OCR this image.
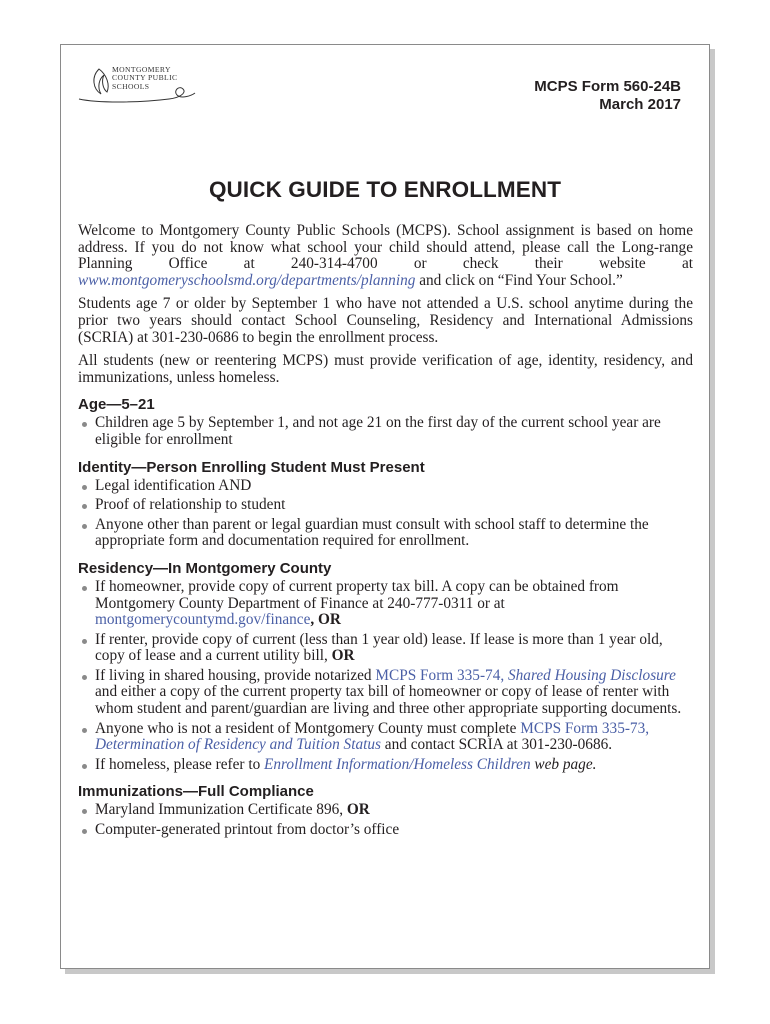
MONTGOMERY
COUNTY PUBLIC
SCHOOLS	MCPS Form 560-24B
March 2017
QUICK GUIDE TO ENROLLMENT

Welcome to Montgomery County Public Schools (MCPS). School assignment is based on home address. If you do not know what school your child should attend, please call the Long-range Planning Office at 240-314-4700 or check their website at www.montgomeryschoolsmd.org/departments/planning and click on “Find Your School.”

Students age 7 or older by September 1 who have not attended a U.S. school anytime during the prior two years should contact School Counseling, Residency and International Admissions (SCRIA) at 301-230-0686 to begin the enrollment process.

All students (new or reentering MCPS) must provide verification of age, identity, residency, and immunizations, unless homeless.

Age—5–21
Children age 5 by September 1, and not age 21 on the first day of the current school year are eligible for enrollment
Identity—Person Enrolling Student Must Present
Legal identification AND
Proof of relationship to student
Anyone other than parent or legal guardian must consult with school staff to determine the appropriate form and documentation required for enrollment.
Residency—In Montgomery County
If homeowner, provide copy of current property tax bill. A copy can be obtained from Montgomery County Department of Finance at 240-777-0311 or at montgomerycountymd.gov/finance, OR
If renter, provide copy of current (less than 1 year old) lease. If lease is more than 1 year old, copy of lease and a current utility bill, OR
If living in shared housing, provide notarized MCPS Form 335-74, Shared Housing Disclosure and either a copy of the current property tax bill of homeowner or copy of lease of renter with whom student and parent/guardian are living and three other appropriate supporting documents.
Anyone who is not a resident of Montgomery County must complete MCPS Form 335-73, Determination of Residency and Tuition Status and contact SCRIA at 301-230-0686.
If homeless, please refer to Enrollment Information/Homeless Children web page.
Immunizations—Full Compliance
Maryland Immunization Certificate 896, OR
Computer-generated printout from doctor’s office
